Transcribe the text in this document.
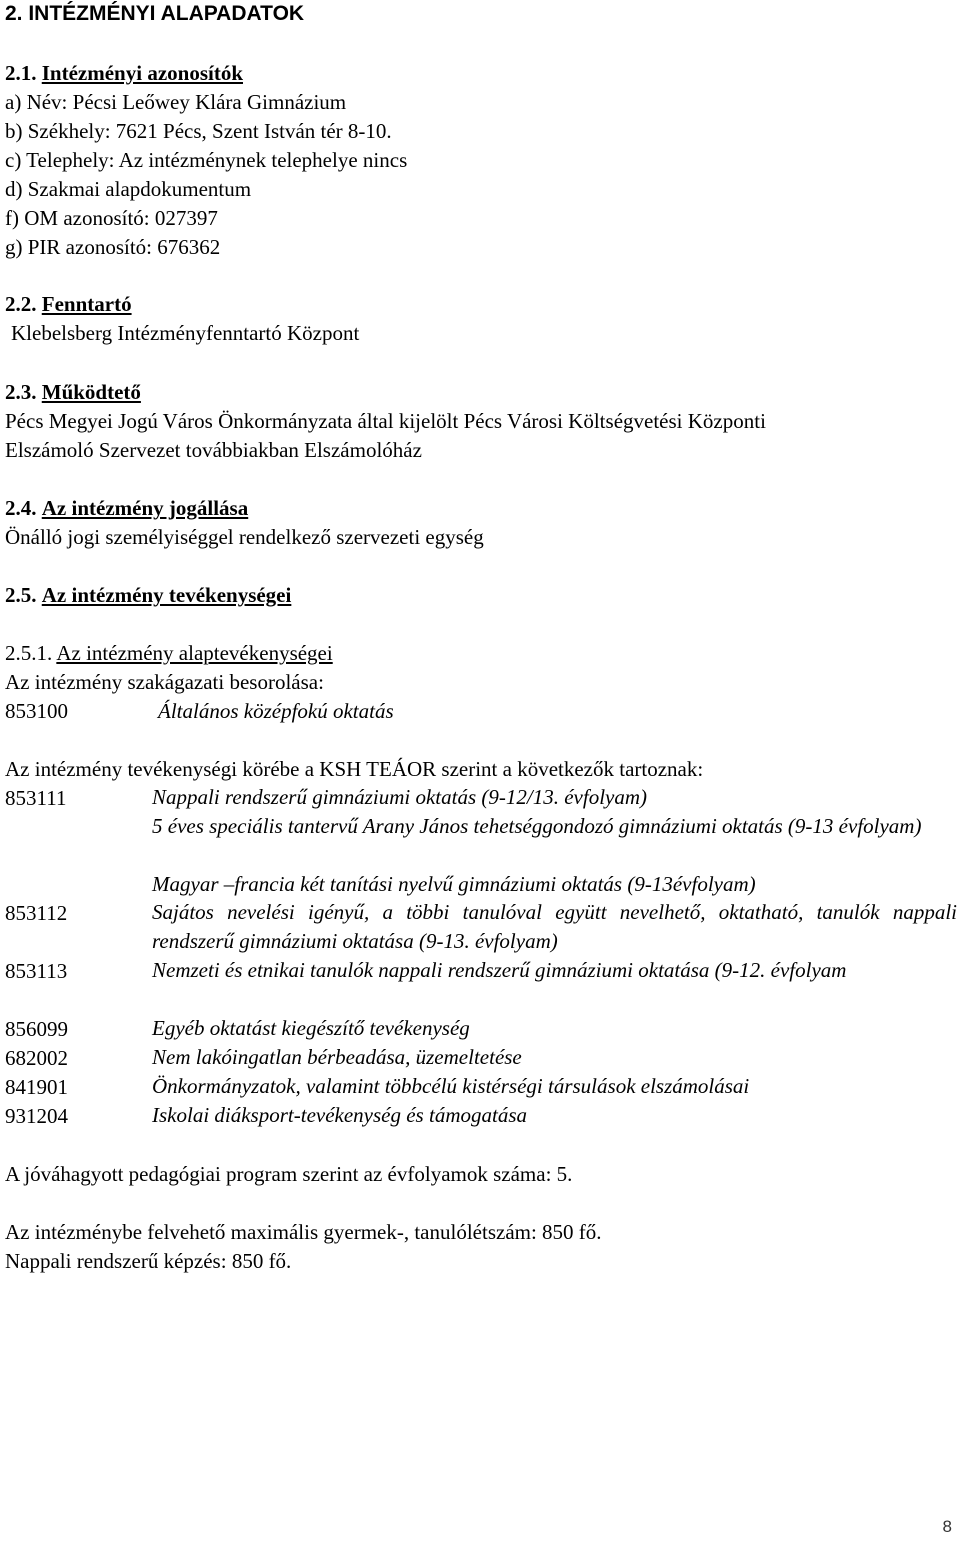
2. INTÉZMÉNYI ALAPADATOK
2.1. Intézményi azonosítók
a) Név: Pécsi Leőwey Klára Gimnázium
b) Székhely: 7621 Pécs, Szent István tér 8-10.
c) Telephely: Az intézménynek telephelye nincs
d) Szakmai alapdokumentum
f) OM azonosító: 027397
g) PIR azonosító: 676362
2.2. Fenntartó
Klebelsberg Intézményfenntartó Központ
2.3. Működtető
Pécs Megyei Jogú Város Önkormányzata által kijelölt Pécs Városi Költségvetési Központi
Elszámoló Szervezet továbbiakban Elszámolóház
2.4. Az intézmény jogállása
Önálló jogi személyiséggel rendelkező szervezeti egység
2.5. Az intézmény tevékenységei
2.5.1. Az intézmény alaptevékenységei
Az intézmény szakágazati besorolása:
853100	Általános középfokú oktatás
Az intézmény tevékenységi körébe a KSH TEÁOR szerint a következők tartoznak:
853111	Nappali rendszerű gimnáziumi oktatás (9-12/13. évfolyam)
5 éves speciális tantervű Arany János tehetséggondozó gimnáziumi oktatás (9-13 évfolyam)
Magyar –francia két tanítási nyelvű gimnáziumi oktatás (9-13évfolyam)
853112	Sajátos nevelési igényű, a többi tanulóval együtt nevelhető, oktatható, tanulók nappali rendszerű gimnáziumi oktatása (9-13. évfolyam)
853113	Nemzeti és etnikai tanulók nappali rendszerű gimnáziumi oktatása (9-12. évfolyam
856099	Egyéb oktatást kiegészítő tevékenység
682002	Nem lakóingatlan bérbeadása, üzemeltetése
841901	Önkormányzatok, valamint többcélú kistérségi társulások elszámolásai
931204	Iskolai diáksport-tevékenység és támogatása
A jóváhagyott pedagógiai program szerint az évfolyamok száma: 5.
Az intézménybe felvehető maximális gyermek-, tanulólétszám: 850 fő.
Nappali rendszerű képzés: 850 fő.
8
